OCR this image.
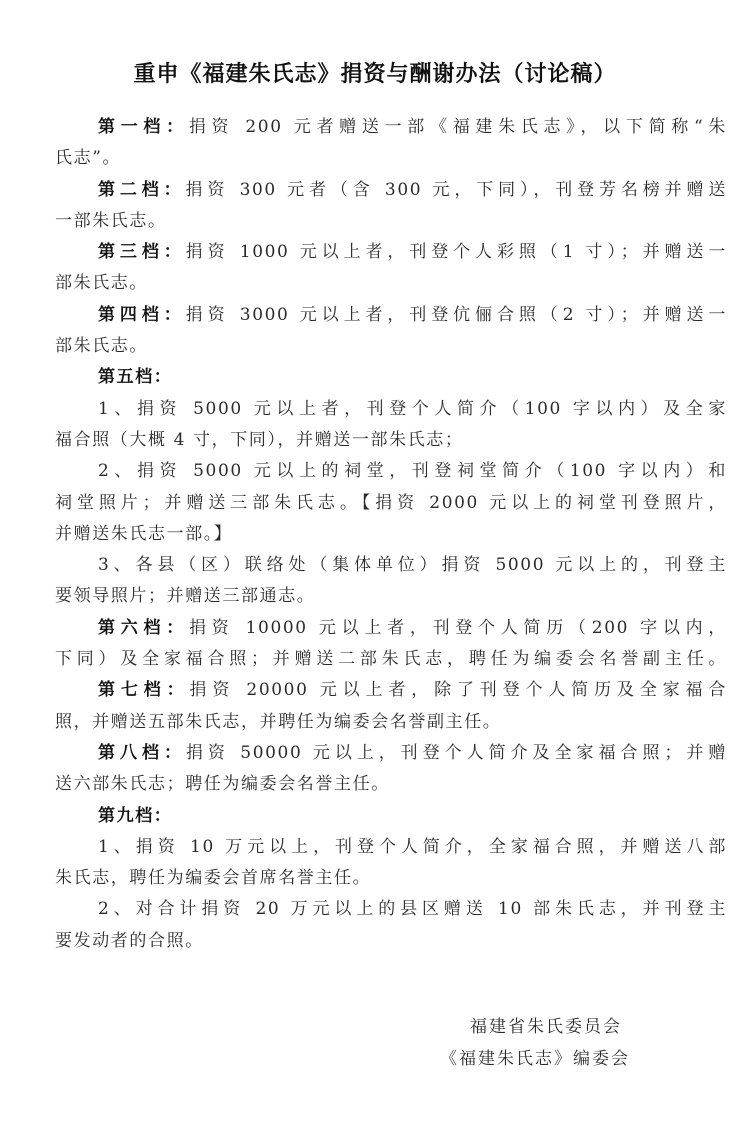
重申《福建朱氏志》捐资与酬谢办法（讨论稿）
第一档：捐资 200 元者赠送一部《福建朱氏志》，以下简称“朱
氏志”。
第二档：捐资 300 元者（含 300 元，下同），刊登芳名榜并赠送
一部朱氏志。
第三档：捐资 1000 元以上者，刊登个人彩照（1 寸）；并赠送一
部朱氏志。
第四档：捐资 3000 元以上者，刊登伉俪合照（2 寸）；并赠送一
部朱氏志。
第五档：
1、捐资 5000 元以上者，刊登个人简介（100 字以内）及全家
福合照（大概 4 寸，下同），并赠送一部朱氏志；
2、捐资 5000 元以上的祠堂，刊登祠堂简介（100 字以内）和
祠堂照片；并赠送三部朱氏志。【捐资 2000 元以上的祠堂刊登照片，
并赠送朱氏志一部。】
3、各县（区）联络处（集体单位）捐资 5000 元以上的，刊登主
要领导照片；并赠送三部通志。
第六档：捐资 10000 元以上者，刊登个人简历（200 字以内，
下同）及全家福合照；并赠送二部朱氏志，聘任为编委会名誉副主任。
第七档：捐资 20000 元以上者，除了刊登个人简历及全家福合
照，并赠送五部朱氏志，并聘任为编委会名誉副主任。
第八档：捐资 50000 元以上，刊登个人简介及全家福合照；并赠
送六部朱氏志；聘任为编委会名誉主任。
第九档：
1、捐资 10 万元以上，刊登个人简介，全家福合照，并赠送八部
朱氏志，聘任为编委会首席名誉主任。
2、对合计捐资 20 万元以上的县区赠送 10 部朱氏志，并刊登主
要发动者的合照。
福建省朱氏委员会
《福建朱氏志》编委会
